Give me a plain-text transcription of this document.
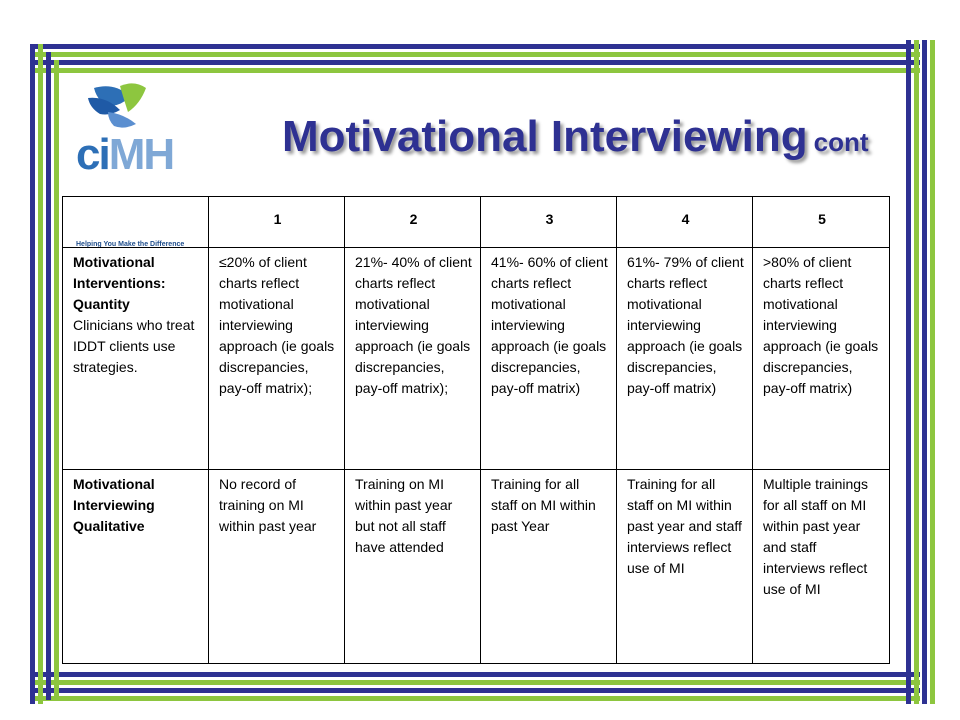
ciMH
Helping You Make the Difference
Motivational Interviewing cont
	1	2	3	4	5
Motivational Interventions: Quantity
Clinicians who treat IDDT clients use strategies.	≤20% of client charts reflect motivational interviewing approach (ie goals discrepancies, pay-off matrix);	21%- 40% of client charts reflect motivational interviewing approach (ie goals discrepancies, pay-off matrix);	41%- 60% of client charts reflect motivational interviewing approach (ie goals discrepancies, pay-off matrix)	61%- 79% of client charts reflect motivational interviewing approach (ie goals discrepancies, pay-off matrix)	>80% of client charts reflect motivational interviewing approach (ie goals discrepancies, pay-off matrix)
Motivational Interviewing Qualitative	No record of training on MI within past year	Training on MI within past year but not all staff have attended	Training for all staff on MI within past Year	Training for all staff on MI within past year and staff interviews reflect use of MI	Multiple trainings for all staff on MI within past year and staff interviews reflect use of MI
